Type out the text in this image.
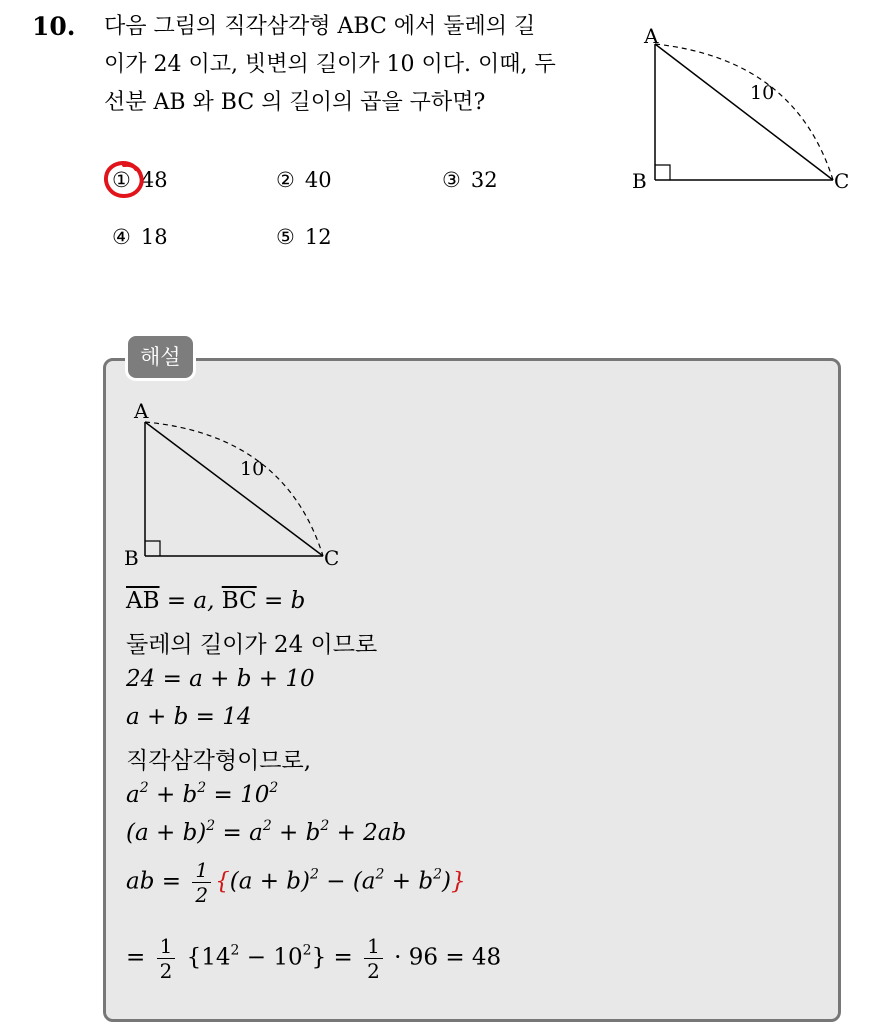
10. 다음 그림의 직각삼각형 ABC 에서 둘레의 길
이가 24 이고, 빗변의 길이가 10 이다. 이때, 두
선분 AB 와 BC 의 길이의 곱을 구하면?
① 48	② 40	③ 32
④ 18	⑤ 12
A
B	C
10
해설
A
B	C
10
$\overline{AB} = a$, $\overline{BC} = b$
둘레의 길이가 24 이므로
24 = a + b + 10
a + b = 14
직각삼각형이므로,
$a^2 + b^2 = 10^2$
$(a + b)^2 = a^2 + b^2 + 2ab$
ab = $\frac{1}{2} \{(a + b)^2 - (a^2 + b^2)\}$
= $\frac{1}{2} \{14^2 - 10^2\} = \frac{1}{2} \cdot 96 = 48$
